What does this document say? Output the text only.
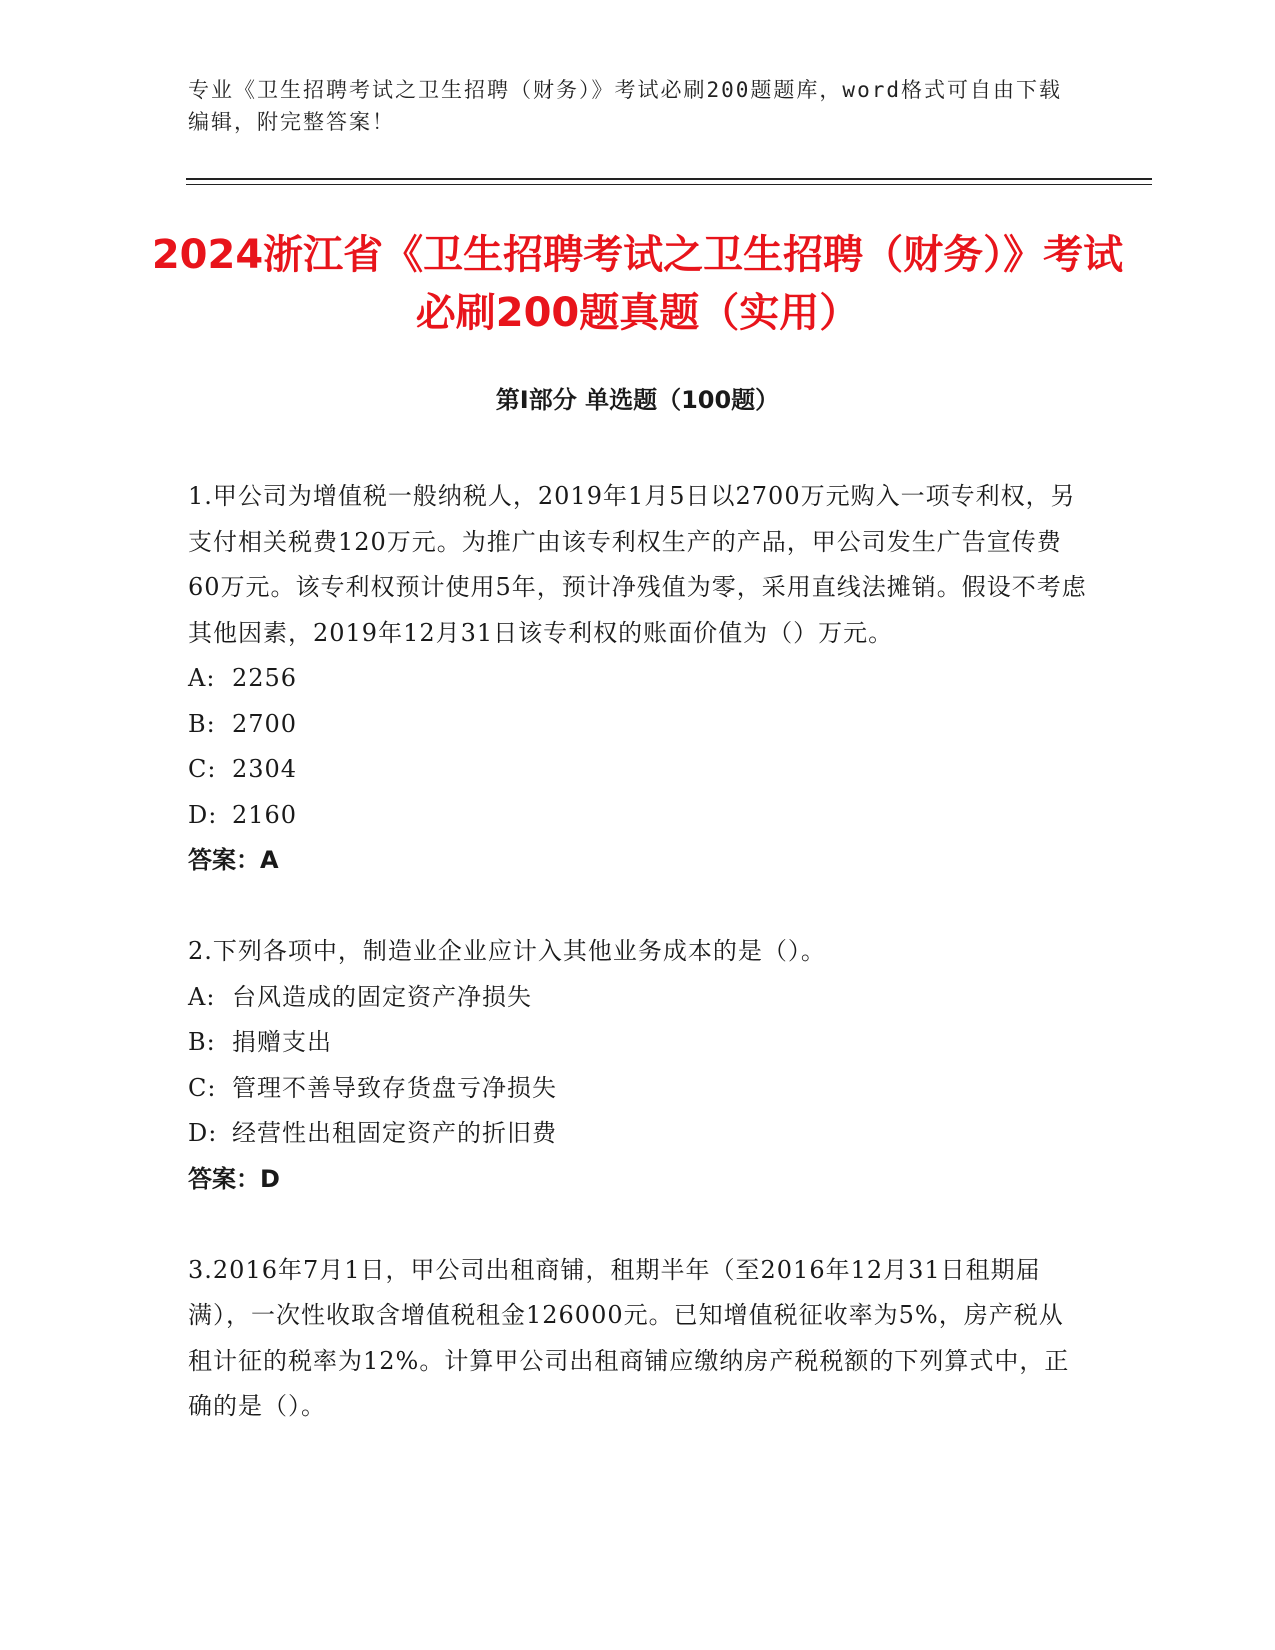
专业《卫生招聘考试之卫生招聘（财务）》考试必刷200题题库，word格式可自由下载编辑，附完整答案！
2024浙江省《卫生招聘考试之卫生招聘（财务）》考试必刷200题真题（实用）
第I部分 单选题（100题）
1.甲公司为增值税一般纳税人，2019年1月5日以2700万元购入一项专利权，另支付相关税费120万元。为推广由该专利权生产的产品，甲公司发生广告宣传费60万元。该专利权预计使用5年，预计净残值为零，采用直线法摊销。假设不考虑其他因素，2019年12月31日该专利权的账面价值为（）万元。
A: 2256
B: 2700
C: 2304
D: 2160
答案：A
2.下列各项中，制造业企业应计入其他业务成本的是（）。
A: 台风造成的固定资产净损失
B: 捐赠支出
C: 管理不善导致存货盘亏净损失
D: 经营性出租固定资产的折旧费
答案：D
3.2016年7月1日，甲公司出租商铺，租期半年（至2016年12月31日租期届满），一次性收取含增值税租金126000元。已知增值税征收率为5%，房产税从租计征的税率为12%。计算甲公司出租商铺应缴纳房产税税额的下列算式中，正确的是（）。
